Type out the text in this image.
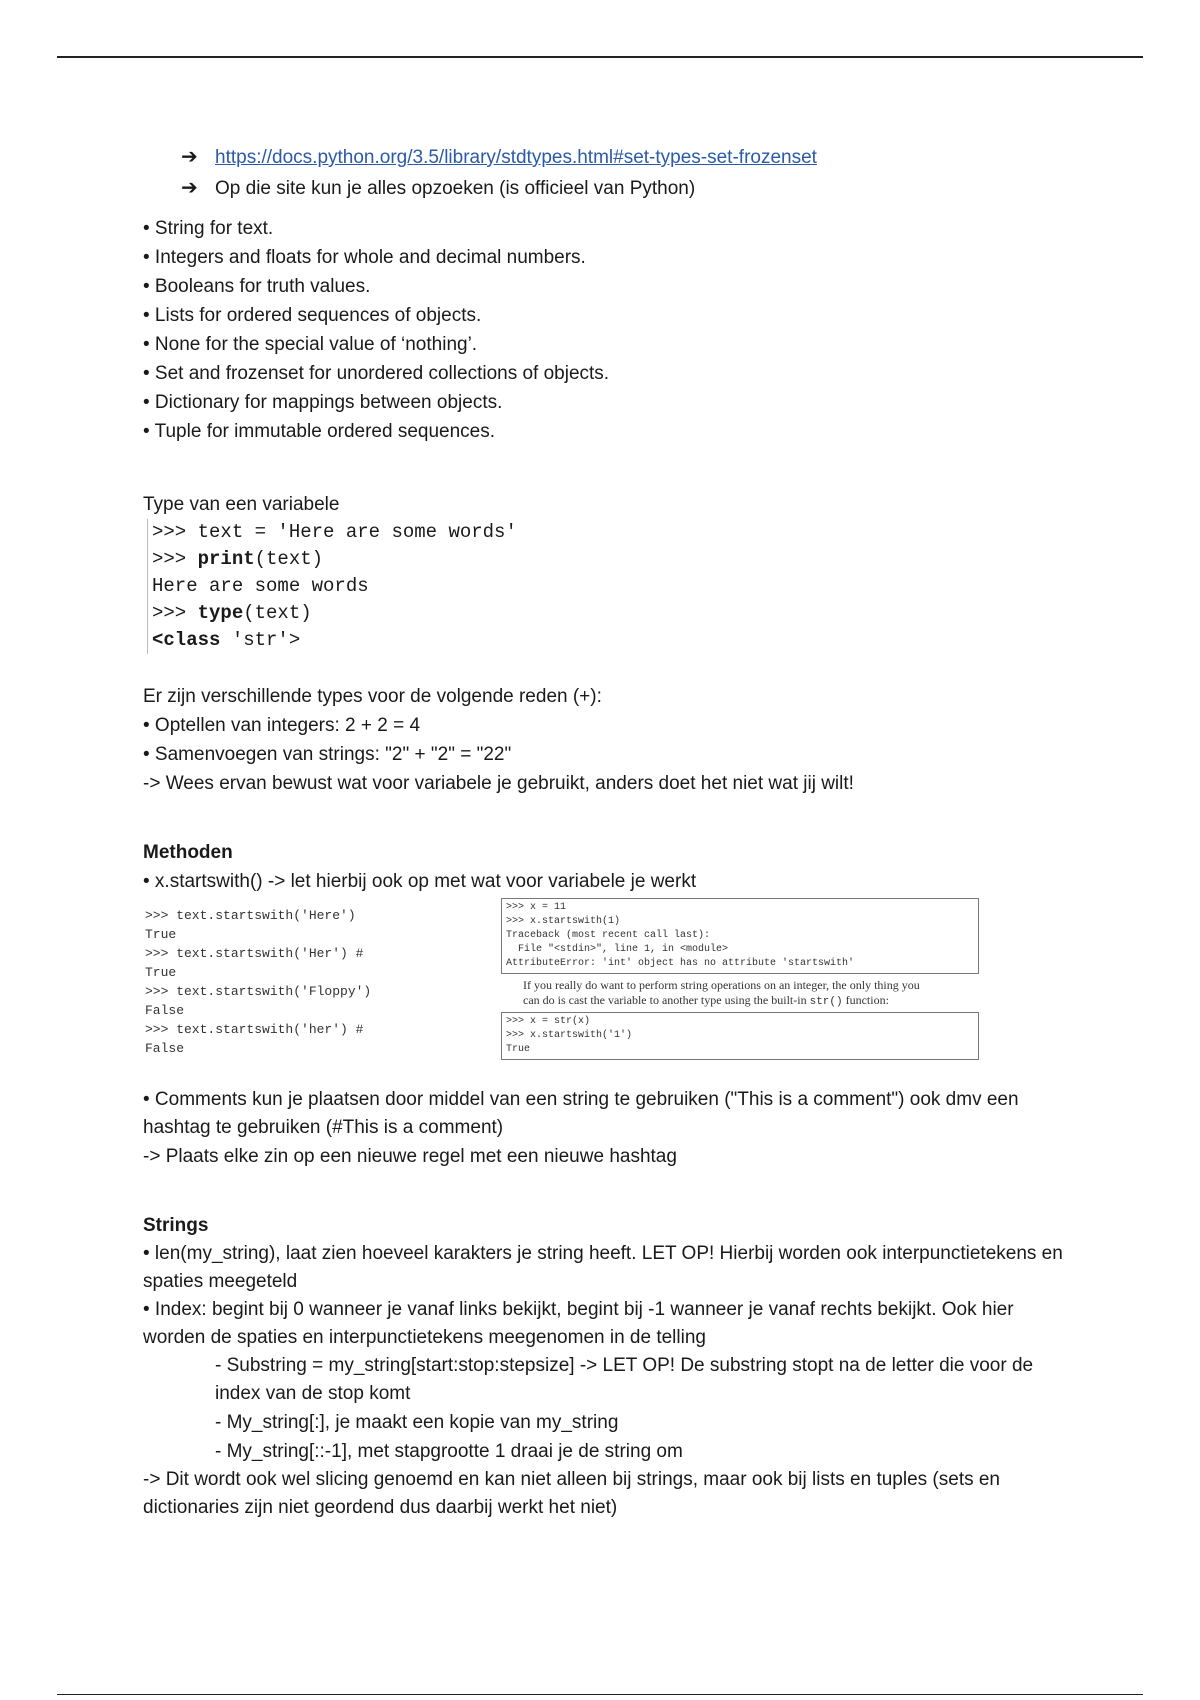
➔ https://docs.python.org/3.5/library/stdtypes.html#set-types-set-frozenset
➔ Op die site kun je alles opzoeken (is officieel van Python)
• String for text.
• Integers and floats for whole and decimal numbers.
• Booleans for truth values.
• Lists for ordered sequences of objects.
• None for the special value of ‘nothing’.
• Set and frozenset for unordered collections of objects.
• Dictionary for mappings between objects.
• Tuple for immutable ordered sequences.
Type van een variabele
>>> text = 'Here are some words'
>>> print(text)
Here are some words
>>> type(text)
<class 'str'>
Er zijn verschillende types voor de volgende reden (+):
• Optellen van integers: 2 + 2 = 4
• Samenvoegen van strings: "2" + "2" = "22"
-> Wees ervan bewust wat voor variabele je gebruikt, anders doet het niet wat jij wilt!
Methoden
• x.startswith() -> let hierbij ook op met wat voor variabele je werkt
>>> text.startswith('Here')
True
>>> text.startswith('Her') #
True
>>> text.startswith('Floppy')
False
>>> text.startswith('her') #
False
>>> x = 11
>>> x.startswith(1)
Traceback (most recent call last):
File "<stdin>", line 1, in <module>
AttributeError: 'int' object has no attribute 'startswith'
If you really do want to perform string operations on an integer, the only thing you
can do is cast the variable to another type using the built-in str() function:
>>> x = str(x)
>>> x.startswith('1')
True
• Comments kun je plaatsen door middel van een string te gebruiken ("This is a comment") ook dmv een hashtag te gebruiken (#This is a comment)
-> Plaats elke zin op een nieuwe regel met een nieuwe hashtag
Strings
• len(my_string), laat zien hoeveel karakters je string heeft. LET OP! Hierbij worden ook interpunctietekens en spaties meegeteld
• Index: begint bij 0 wanneer je vanaf links bekijkt, begint bij -1 wanneer je vanaf rechts bekijkt. Ook hier worden de spaties en interpunctietekens meegenomen in de telling
- Substring = my_string[start:stop:stepsize] -> LET OP! De substring stopt na de letter die voor de index van de stop komt
- My_string[:], je maakt een kopie van my_string
- My_string[::-1], met stapgrootte 1 draai je de string om
-> Dit wordt ook wel slicing genoemd en kan niet alleen bij strings, maar ook bij lists en tuples (sets en dictionaries zijn niet geordend dus daarbij werkt het niet)
